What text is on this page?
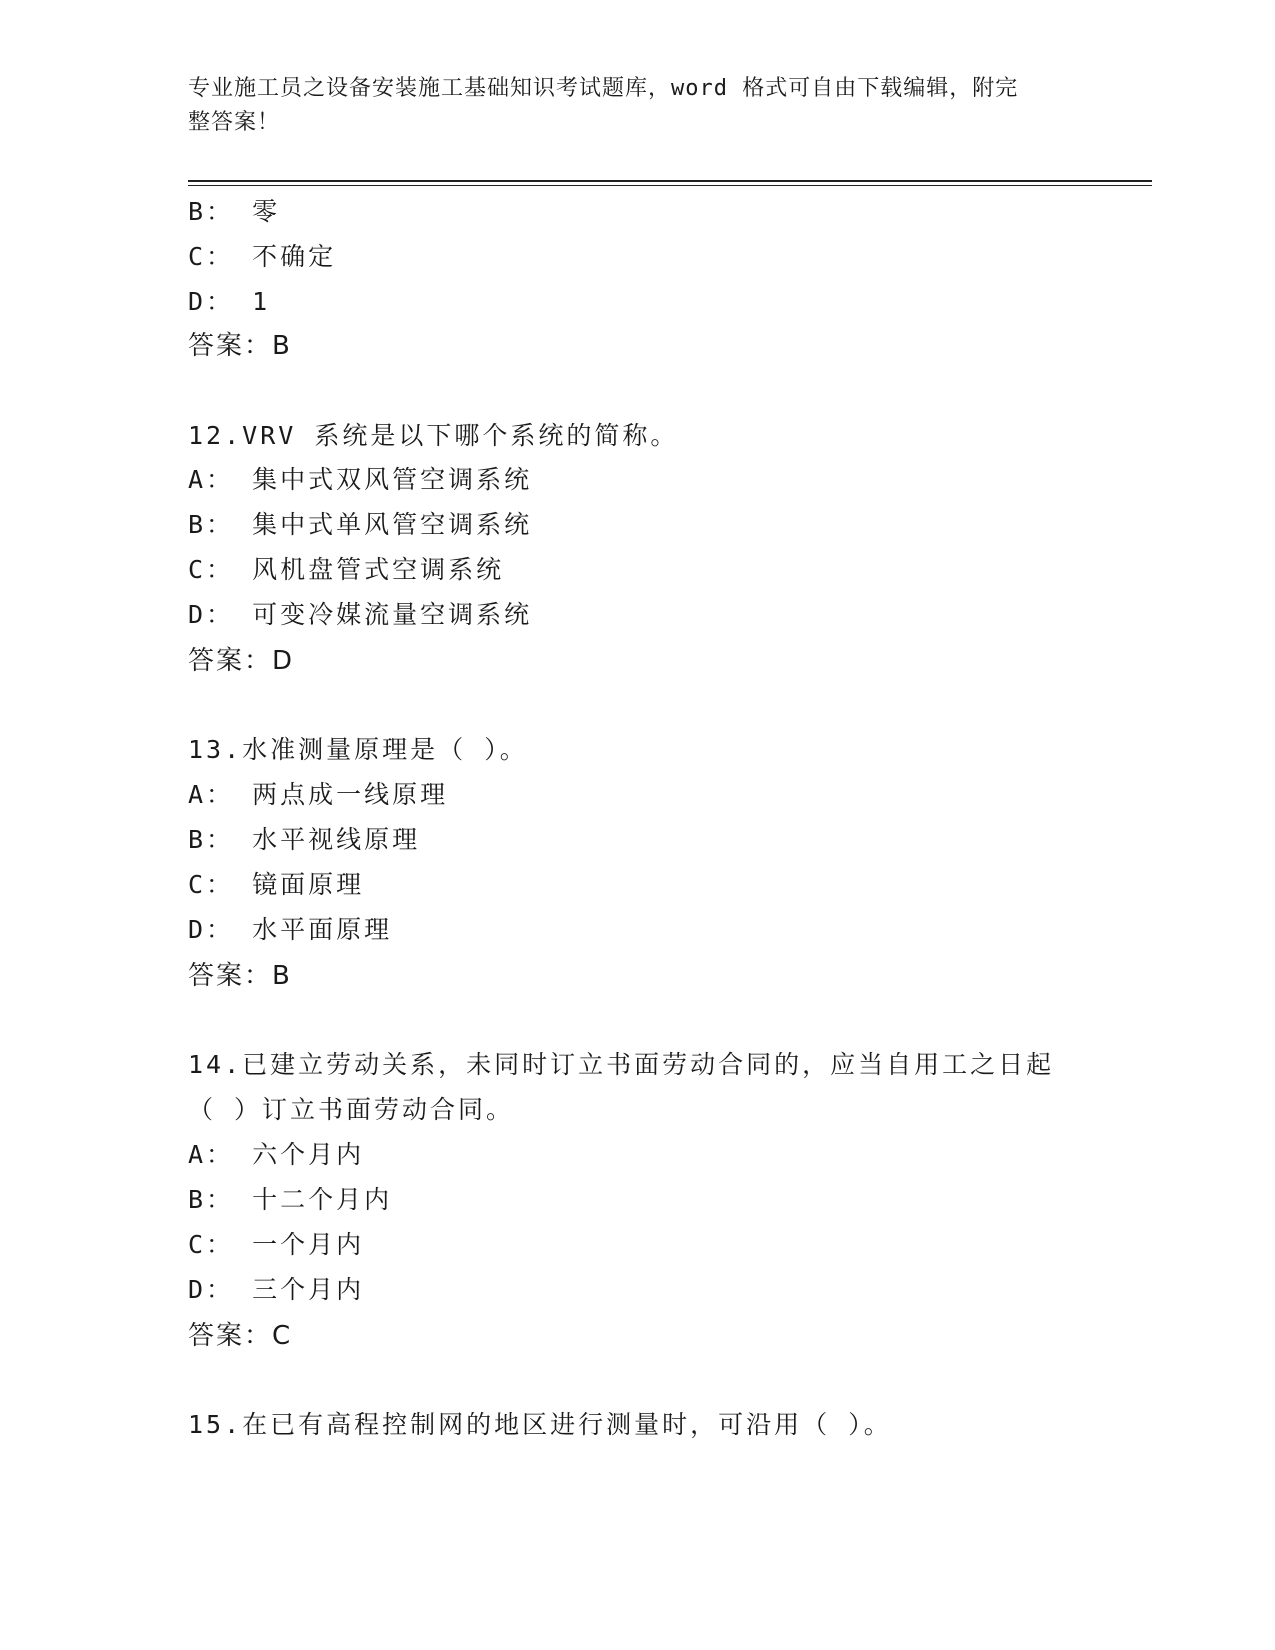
专业施工员之设备安装施工基础知识考试题库，word 格式可自由下载编辑，附完
整答案！
B： 零
C： 不确定
D： 1
答案：B
12.VRV 系统是以下哪个系统的简称。
A： 集中式双风管空调系统
B： 集中式单风管空调系统
C： 风机盘管式空调系统
D： 可变冷媒流量空调系统
答案：D
13.水准测量原理是（ ）。
A： 两点成一线原理
B： 水平视线原理
C： 镜面原理
D： 水平面原理
答案：B
14.已建立劳动关系，未同时订立书面劳动合同的，应当自用工之日起
（ ）订立书面劳动合同。
A： 六个月内
B： 十二个月内
C： 一个月内
D： 三个月内
答案：C
15.在已有高程控制网的地区进行测量时，可沿用（ ）。
